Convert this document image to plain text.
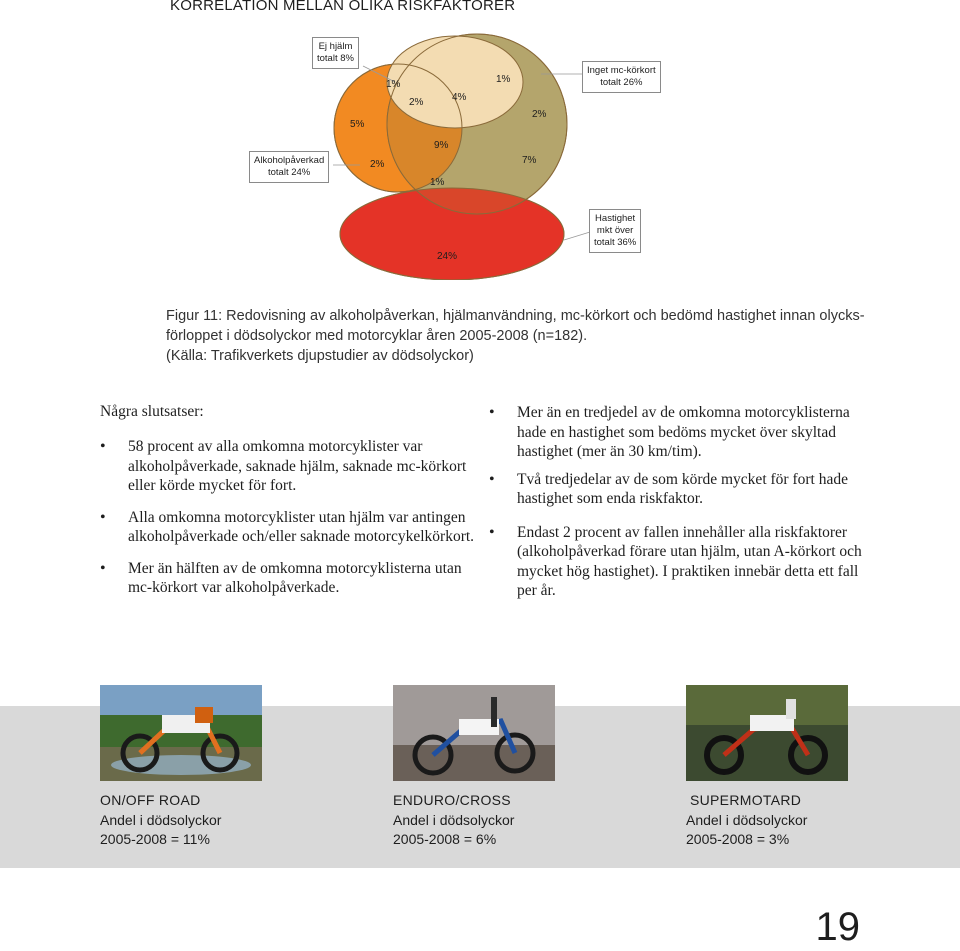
KORRELATION MELLAN OLIKA RISKFAKTORER
5%
1%
2%	4%
1%
2%
2%
9%
1%
7%
24%
Ej hjälm
totalt 8%
Inget mc-körkort
totalt 26%
Alkoholpåverkad
totalt 24%
Hastighet
mkt över
totalt 36%
Figur 11: Redovisning av alkoholpåverkan, hjälmanvändning, mc-körkort och bedömd hastighet innan olycks-
förloppet i dödsolyckor med motorcyklar åren 2005-2008 (n=182).
(Källa: Trafikverkets djupstudier av dödsolyckor)
Några slutsatser:
• 58 procent av alla omkomna motorcyklister var alkoholpåverkade, saknade hjälm, saknade mc-körkort eller körde mycket för fort.
• Alla omkomna motorcyklister utan hjälm var antingen alkoholpåverkade och/eller saknade motorcykelkörkort.
• Mer än hälften av de omkomna motorcyklisterna utan mc-körkort var alkoholpåverkade.
• Mer än en tredjedel av de omkomna motorcyklisterna hade en hastighet som bedöms mycket över skyltad hastighet (mer än 30 km/tim).
• Två tredjedelar av de som körde mycket för fort hade hastighet som enda riskfaktor.
• Endast 2 procent av fallen innehåller alla riskfaktorer (alkoholpåverkad förare utan hjälm, utan A-körkort och mycket hög hastighet). I praktiken innebär detta ett fall per år.
ON/OFF ROAD
Andel i dödsolyckor
2005-2008 = 11%
ENDURO/CROSS
Andel i dödsolyckor
2005-2008 = 6%
SUPERMOTARD
Andel i dödsolyckor
2005-2008 = 3%
19
